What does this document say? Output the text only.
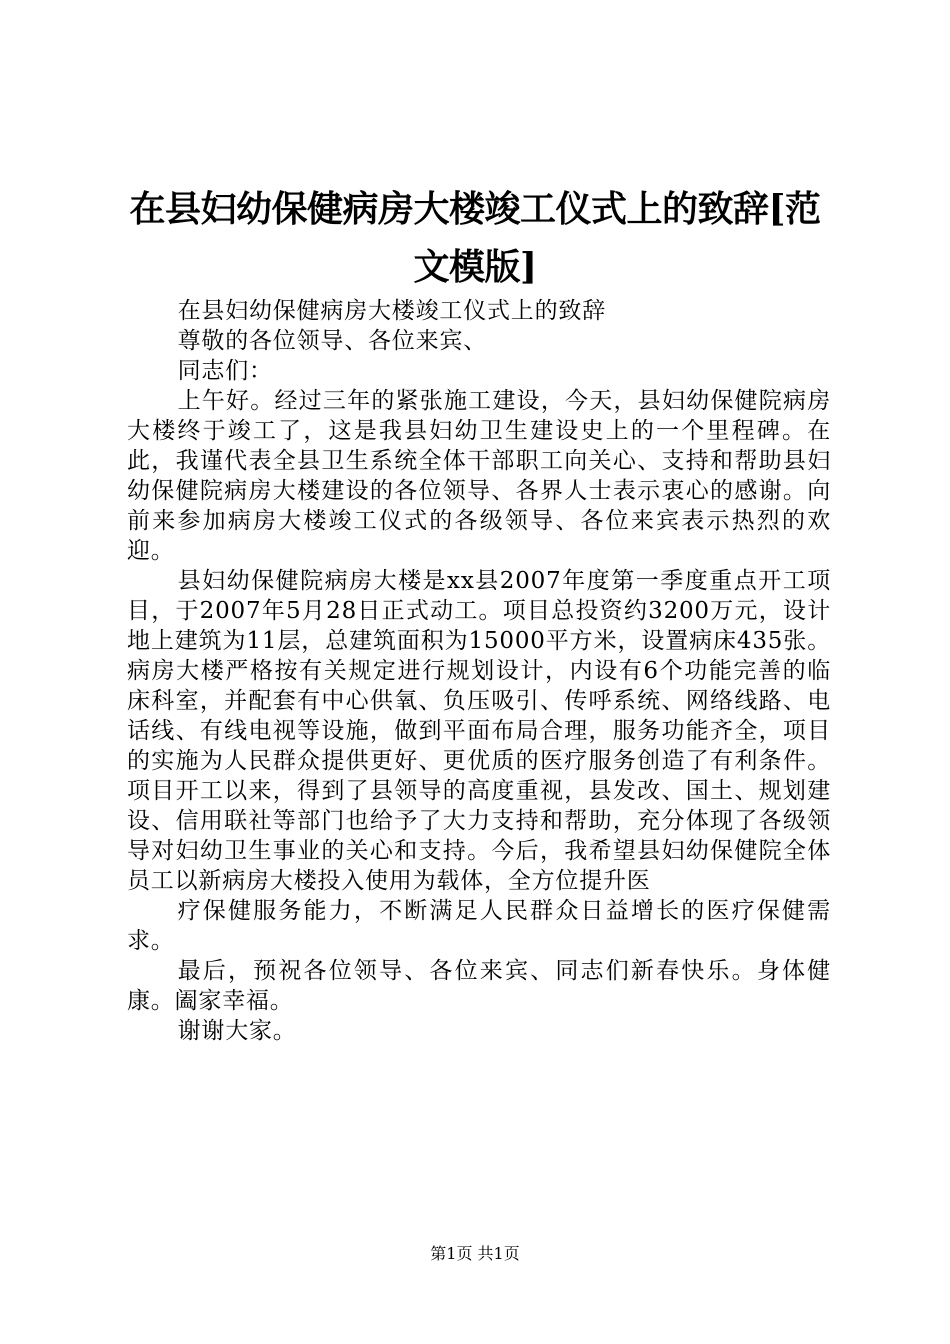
在县妇幼保健病房大楼竣工仪式上的致辞[范文模版]

在县妇幼保健病房大楼竣工仪式上的致辞

尊敬的各位领导、各位来宾、

同志们：

上午好。经过三年的紧张施工建设，今天，县妇幼保健院病房大楼终于竣工了，这是我县妇幼卫生建设史上的一个里程碑。在此，我谨代表全县卫生系统全体干部职工向关心、支持和帮助县妇幼保健院病房大楼建设的各位领导、各界人士表示衷心的感谢。向前来参加病房大楼竣工仪式的各级领导、各位来宾表示热烈的欢迎。

县妇幼保健院病房大楼是xx县2007年度第一季度重点开工项目，于2007年5月28日正式动工。项目总投资约3200万元，设计地上建筑为11层，总建筑面积为15000平方米，设置病床435张。病房大楼严格按有关规定进行规划设计，内设有6个功能完善的临床科室，并配套有中心供氧、负压吸引、传呼系统、网络线路、电话线、有线电视等设施，做到平面布局合理，服务功能齐全，项目的实施为人民群众提供更好、更优质的医疗服务创造了有利条件。项目开工以来，得到了县领导的高度重视，县发改、国土、规划建设、信用联社等部门也给予了大力支持和帮助，充分体现了各级领导对妇幼卫生事业的关心和支持。今后，我希望县妇幼保健院全体员工以新病房大楼投入使用为载体，全方位提升医

疗保健服务能力，不断满足人民群众日益增长的医疗保健需求。

最后，预祝各位领导、各位来宾、同志们新春快乐。身体健康。阖家幸福。

谢谢大家。

第1页 共1页
